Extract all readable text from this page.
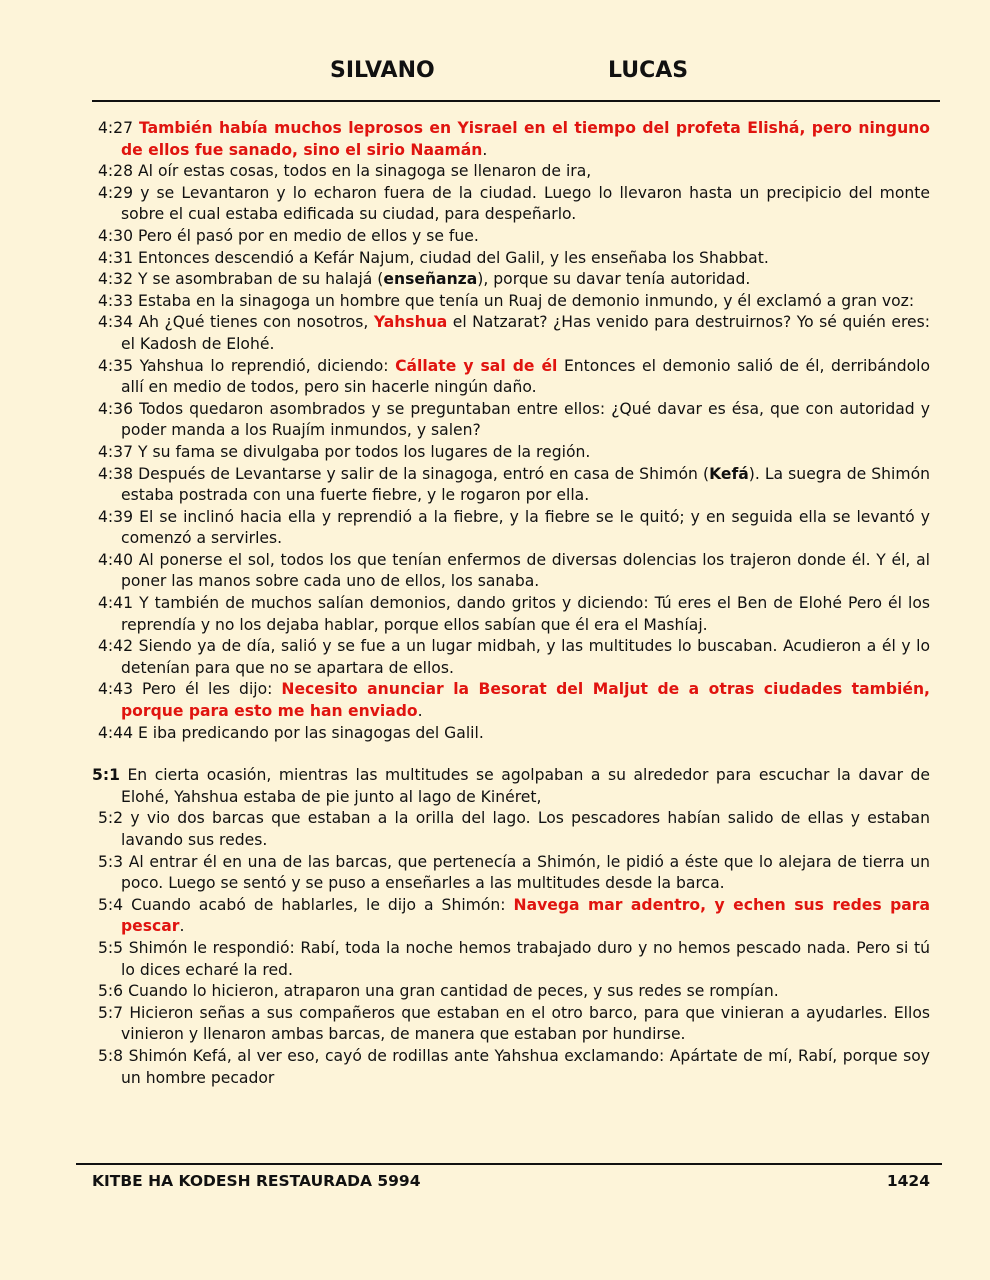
SILVANO	LUCAS
4:27 También había muchos leprosos en Yisrael en el tiempo del profeta Elishá, pero ninguno de ellos fue sanado, sino el sirio Naamán.
4:28 Al oír estas cosas, todos en la sinagoga se llenaron de ira,
4:29 y se Levantaron y lo echaron fuera de la ciudad. Luego lo llevaron hasta un precipicio del monte sobre el cual estaba edificada su ciudad, para despeñarlo.
4:30 Pero él pasó por en medio de ellos y se fue.
4:31 Entonces descendió a Kefár Najum, ciudad del Galil, y les enseñaba los Shabbat.
4:32 Y se asombraban de su halajá (enseñanza), porque su davar tenía autoridad.
4:33 Estaba en la sinagoga un hombre que tenía un Ruaj de demonio inmundo, y él exclamó a gran voz:
4:34 Ah ¿Qué tienes con nosotros, Yahshua el Natzarat? ¿Has venido para destruirnos? Yo sé quién eres: el Kadosh de Elohé.
4:35 Yahshua lo reprendió, diciendo: Cállate y sal de él Entonces el demonio salió de él, derribándolo allí en medio de todos, pero sin hacerle ningún daño.
4:36 Todos quedaron asombrados y se preguntaban entre ellos: ¿Qué davar es ésa, que con autoridad y poder manda a los Ruajím inmundos, y salen?
4:37 Y su fama se divulgaba por todos los lugares de la región.
4:38 Después de Levantarse y salir de la sinagoga, entró en casa de Shimón (Kefá). La suegra de Shimón estaba postrada con una fuerte fiebre, y le rogaron por ella.
4:39 El se inclinó hacia ella y reprendió a la fiebre, y la fiebre se le quitó; y en seguida ella se levantó y comenzó a servirles.
4:40 Al ponerse el sol, todos los que tenían enfermos de diversas dolencias los trajeron donde él. Y él, al poner las manos sobre cada uno de ellos, los sanaba.
4:41 Y también de muchos salían demonios, dando gritos y diciendo: Tú eres el Ben de Elohé Pero él los reprendía y no los dejaba hablar, porque ellos sabían que él era el Mashíaj.
4:42 Siendo ya de día, salió y se fue a un lugar midbah, y las multitudes lo buscaban. Acudieron a él y lo detenían para que no se apartara de ellos.
4:43 Pero él les dijo: Necesito anunciar la Besorat del Maljut de a otras ciudades también, porque para esto me han enviado.
4:44 E iba predicando por las sinagogas del Galil.
5:1 En cierta ocasión, mientras las multitudes se agolpaban a su alrededor para escuchar la davar de Elohé, Yahshua estaba de pie junto al lago de Kinéret,
5:2 y vio dos barcas que estaban a la orilla del lago. Los pescadores habían salido de ellas y estaban lavando sus redes.
5:3 Al entrar él en una de las barcas, que pertenecía a Shimón, le pidió a éste que lo alejara de tierra un poco. Luego se sentó y se puso a enseñarles a las multitudes desde la barca.
5:4 Cuando acabó de hablarles, le dijo a Shimón: Navega mar adentro, y echen sus redes para pescar.
5:5 Shimón le respondió: Rabí, toda la noche hemos trabajado duro y no hemos pescado nada. Pero si tú lo dices echaré la red.
5:6 Cuando lo hicieron, atraparon una gran cantidad de peces, y sus redes se rompían.
5:7 Hicieron señas a sus compañeros que estaban en el otro barco, para que vinieran a ayudarles. Ellos vinieron y llenaron ambas barcas, de manera que estaban por hundirse.
5:8 Shimón Kefá, al ver eso, cayó de rodillas ante Yahshua exclamando: Apártate de mí, Rabí, porque soy un hombre pecador
KITBE HA KODESH RESTAURADA 5994	1424
